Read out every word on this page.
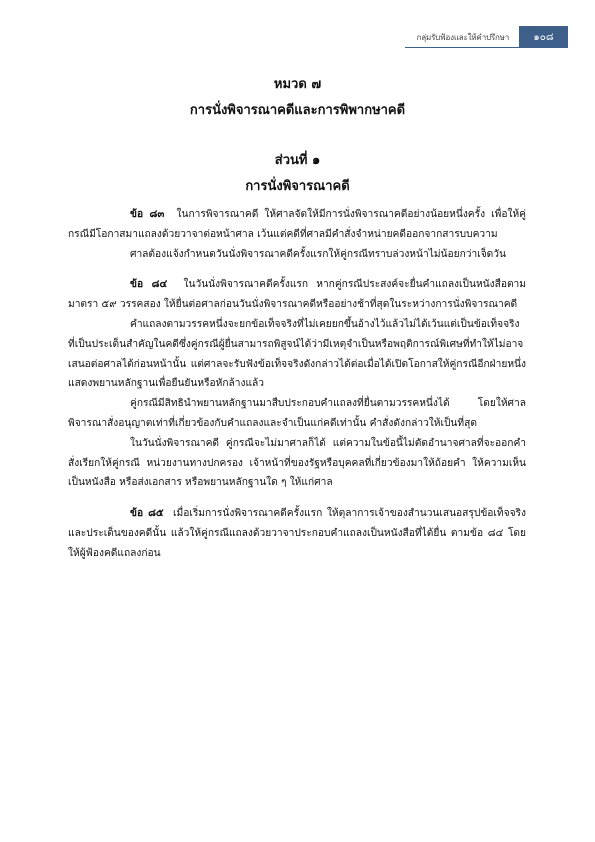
กลุ่มรับฟ้องและให้คำปรึกษา	๑๐๘
หมวด ๗
การนั่งพิจารณาคดีและการพิพากษาคดี
ส่วนที่ ๑
การนั่งพิจารณาคดี

ข้อ ๘๓ ในการพิจารณาคดี ให้ศาลจัดให้มีการนั่งพิจารณาคดีอย่างน้อยหนึ่งครั้ง เพื่อให้คู่กรณีมีโอกาสมาแถลงด้วยวาจาต่อหน้าศาล เว้นแต่คดีที่ศาลมีคำสั่งจำหน่ายคดีออกจากสารบบความ

ศาลต้องแจ้งกำหนดวันนั่งพิจารณาคดีครั้งแรกให้คู่กรณีทราบล่วงหน้าไม่น้อยกว่าเจ็ดวัน

ข้อ ๘๔ ในวันนั่งพิจารณาคดีครั้งแรก หากคู่กรณีประสงค์จะยื่นคำแถลงเป็นหนังสือตามมาตรา ๕๙ วรรคสอง ให้ยื่นต่อศาลก่อนวันนั่งพิจารณาคดีหรืออย่างช้าที่สุดในระหว่างการนั่งพิจารณาคดี

คำแถลงตามวรรคหนึ่งจะยกข้อเท็จจริงที่ไม่เคยยกขึ้นอ้างไว้แล้วไม่ได้เว้นแต่เป็นข้อเท็จจริงที่เป็นประเด็นสำคัญในคดีซึ่งคู่กรณีผู้ยื่นสามารถพิสูจน์ได้ว่ามีเหตุจำเป็นหรือพฤติการณ์พิเศษที่ทำให้ไม่อาจเสนอต่อศาลได้ก่อนหน้านั้น แต่ศาลจะรับฟังข้อเท็จจริงดังกล่าวได้ต่อเมื่อได้เปิดโอกาสให้คู่กรณีอีกฝ่ายหนึ่งแสดงพยานหลักฐานเพื่อยืนยันหรือหักล้างแล้ว

คู่กรณีมีสิทธินำพยานหลักฐานมาสืบประกอบคำแถลงที่ยื่นตามวรรคหนึ่งได้ โดยให้ศาลพิจารณาสั่งอนุญาตเท่าที่เกี่ยวข้องกับคำแถลงและจำเป็นแก่คดีเท่านั้น คำสั่งดังกล่าวให้เป็นที่สุด

ในวันนั่งพิจารณาคดี คู่กรณีจะไม่มาศาลก็ได้ แต่ความในข้อนี้ไม่ตัดอำนาจศาลที่จะออกคำสั่งเรียกให้คู่กรณี หน่วยงานทางปกครอง เจ้าหน้าที่ของรัฐหรือบุคคลที่เกี่ยวข้องมาให้ถ้อยคำ ให้ความเห็นเป็นหนังสือ หรือส่งเอกสาร หรือพยานหลักฐานใด ๆ ให้แก่ศาล

ข้อ ๘๕ เมื่อเริ่มการนั่งพิจารณาคดีครั้งแรก ให้ตุลาการเจ้าของสำนวนเสนอสรุปข้อเท็จจริงและประเด็นของคดีนั้น แล้วให้คู่กรณีแถลงด้วยวาจาประกอบคำแถลงเป็นหนังสือที่ได้ยื่น ตามข้อ ๘๔ โดยให้ผู้ฟ้องคดีแถลงก่อน
